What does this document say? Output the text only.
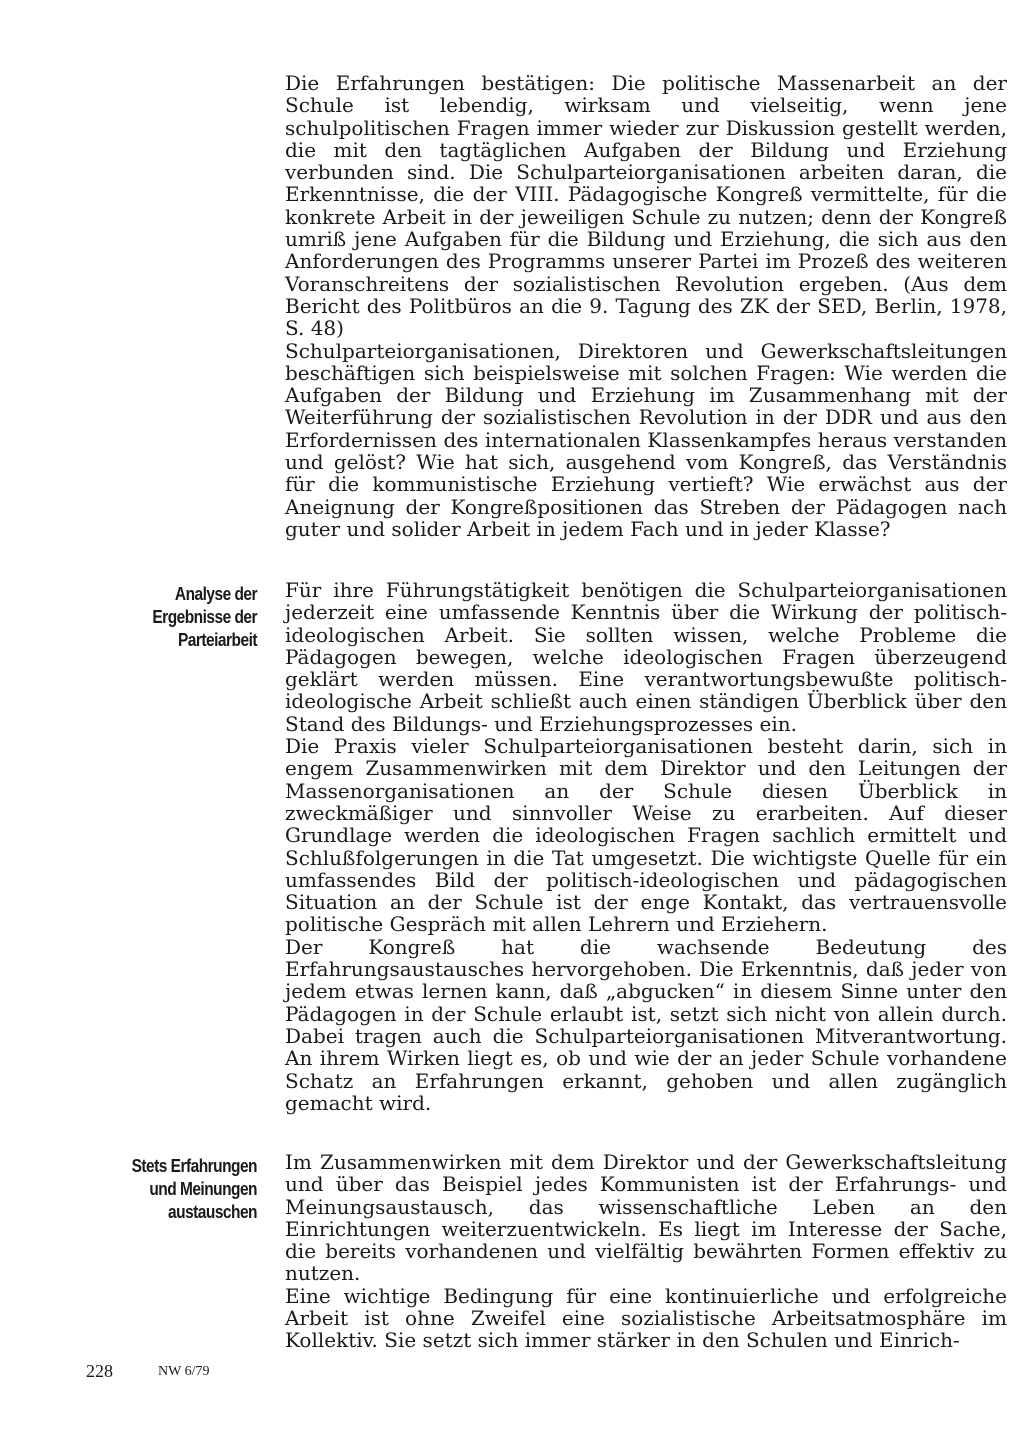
Die Erfahrungen bestätigen: Die politische Massenarbeit an der Schule ist lebendig, wirksam und vielseitig, wenn jene schulpolitischen Fragen immer wieder zur Diskussion gestellt werden, die mit den tagtäglichen Aufgaben der Bildung und Erziehung verbunden sind. Die Schulparteiorganisationen arbeiten daran, die Erkenntnisse, die der VIII. Pädagogische Kongreß vermittelte, für die konkrete Arbeit in der jeweiligen Schule zu nutzen; denn der Kongreß umriß jene Aufgaben für die Bildung und Erziehung, die sich aus den Anforderungen des Programms unserer Partei im Prozeß des weiteren Voranschreitens der sozialistischen Revolution ergeben. (Aus dem Bericht des Politbüros an die 9. Tagung des ZK der SED, Berlin, 1978, S. 48)

Schulparteiorganisationen, Direktoren und Gewerkschaftsleitungen beschäftigen sich beispielsweise mit solchen Fragen: Wie werden die Aufgaben der Bildung und Erziehung im Zusammenhang mit der Weiterführung der sozialistischen Revolution in der DDR und aus den Erfordernissen des internationalen Klassenkampfes heraus verstanden und gelöst? Wie hat sich, ausgehend vom Kongreß, das Verständnis für die kommunistische Erziehung vertieft? Wie erwächst aus der Aneignung der Kongreßpositionen das Streben der Pädagogen nach guter und solider Arbeit in jedem Fach und in jeder Klasse?

Analyse der
Ergebnisse der
Parteiarbeit

Für ihre Führungstätigkeit benötigen die Schulparteiorganisationen jederzeit eine umfassende Kenntnis über die Wirkung der politisch-ideologischen Arbeit. Sie sollten wissen, welche Probleme die Pädagogen bewegen, welche ideologischen Fragen überzeugend geklärt werden müssen. Eine verantwortungsbewußte politisch-ideologische Arbeit schließt auch einen ständigen Überblick über den Stand des Bildungs- und Erziehungsprozesses ein.

Die Praxis vieler Schulparteiorganisationen besteht darin, sich in engem Zusammenwirken mit dem Direktor und den Leitungen der Massenorganisationen an der Schule diesen Überblick in zweckmäßiger und sinnvoller Weise zu erarbeiten. Auf dieser Grundlage werden die ideologischen Fragen sachlich ermittelt und Schlußfolgerungen in die Tat umgesetzt. Die wichtigste Quelle für ein umfassendes Bild der politisch-ideologischen und pädagogischen Situation an der Schule ist der enge Kontakt, das vertrauensvolle politische Gespräch mit allen Lehrern und Erziehern.

Der Kongreß hat die wachsende Bedeutung des Erfahrungsaustausches hervorgehoben. Die Erkenntnis, daß jeder von jedem etwas lernen kann, daß „abgucken“ in diesem Sinne unter den Pädagogen in der Schule erlaubt ist, setzt sich nicht von allein durch. Dabei tragen auch die Schulparteiorganisationen Mitverantwortung. An ihrem Wirken liegt es, ob und wie der an jeder Schule vorhandene Schatz an Erfahrungen erkannt, gehoben und allen zugänglich gemacht wird.

Stets Erfahrungen
und Meinungen
austauschen

Im Zusammenwirken mit dem Direktor und der Gewerkschaftsleitung und über das Beispiel jedes Kommunisten ist der Erfahrungs- und Meinungsaustausch, das wissenschaftliche Leben an den Einrichtungen weiterzuentwickeln. Es liegt im Interesse der Sache, die bereits vorhandenen und vielfältig bewährten Formen effektiv zu nutzen.

Eine wichtige Bedingung für eine kontinuierliche und erfolgreiche Arbeit ist ohne Zweifel eine sozialistische Arbeitsatmosphäre im Kollektiv. Sie setzt sich immer stärker in den Schulen und Einrich-

228	NW 6/79
